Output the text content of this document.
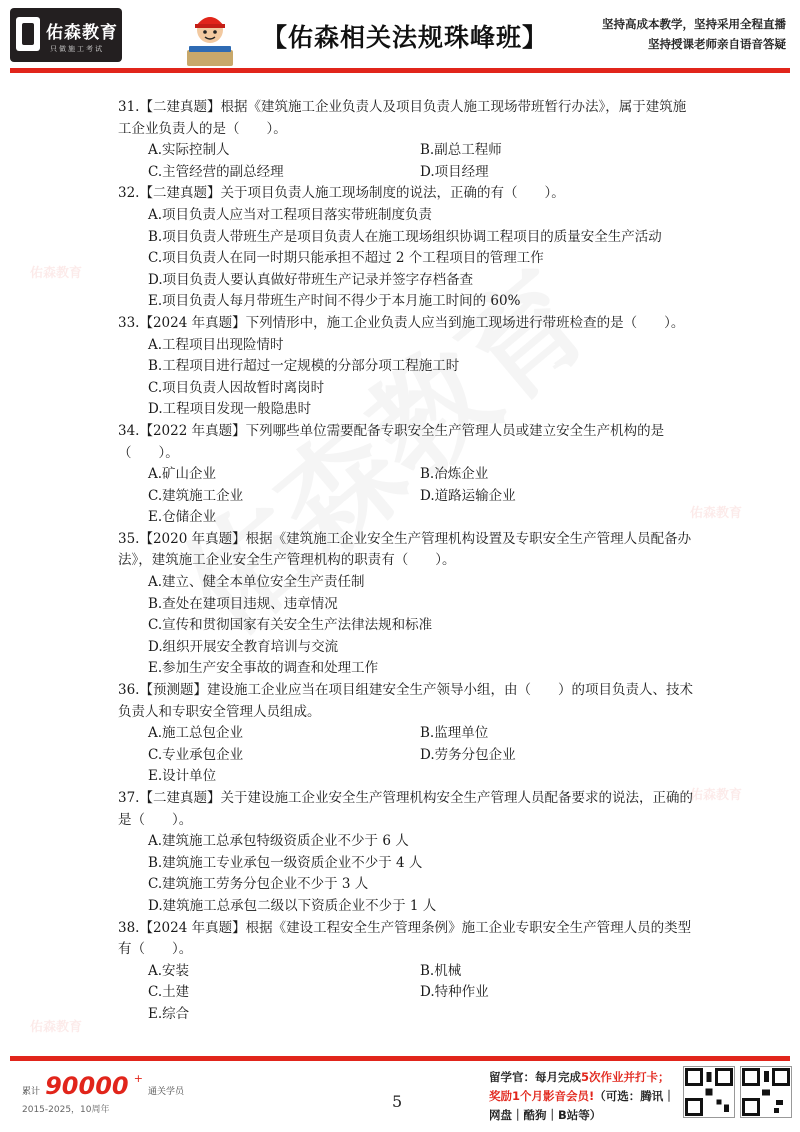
佑森教育
只做施工考试	【佑森相关法规珠峰班】	坚持高成本教学，坚持采用全程直播
坚持授课老师亲自语音答疑
佑森教育
佑森教育
佑森教育
佑森教育
31.【二建真题】根据《建筑施工企业负责人及项目负责人施工现场带班暂行办法》，属于建筑施工企业负责人的是（　　）。
A.实际控制人	B.副总工程师
C.主管经营的副总经理	D.项目经理
32.【二建真题】关于项目负责人施工现场制度的说法，正确的有（　　）。
A.项目负责人应当对工程项目落实带班制度负责
B.项目负责人带班生产是项目负责人在施工现场组织协调工程项目的质量安全生产活动
C.项目负责人在同一时期只能承担不超过 2 个工程项目的管理工作
D.项目负责人要认真做好带班生产记录并签字存档备查
E.项目负责人每月带班生产时间不得少于本月施工时间的 60%
33.【2024 年真题】下列情形中，施工企业负责人应当到施工现场进行带班检查的是（　　）。
A.工程项目出现险情时
B.工程项目进行超过一定规模的分部分项工程施工时
C.项目负责人因故暂时离岗时
D.工程项目发现一般隐患时
34.【2022 年真题】下列哪些单位需要配备专职安全生产管理人员或建立安全生产机构的是（　　）。
A.矿山企业	B.冶炼企业
C.建筑施工企业	D.道路运输企业
E.仓储企业
35.【2020 年真题】根据《建筑施工企业安全生产管理机构设置及专职安全生产管理人员配备办法》，建筑施工企业安全生产管理机构的职责有（　　）。
A.建立、健全本单位安全生产责任制
B.查处在建项目违规、违章情况
C.宣传和贯彻国家有关安全生产法律法规和标准
D.组织开展安全教育培训与交流
E.参加生产安全事故的调查和处理工作
36.【预测题】建设施工企业应当在项目组建安全生产领导小组，由（　　）的项目负责人、技术负责人和专职安全管理人员组成。
A.施工总包企业	B.监理单位
C.专业承包企业	D.劳务分包企业
E.设计单位
37.【二建真题】关于建设施工企业安全生产管理机构安全生产管理人员配备要求的说法，正确的是（　　）。
A.建筑施工总承包特级资质企业不少于 6 人
B.建筑施工专业承包一级资质企业不少于 4 人
C.建筑施工劳务分包企业不少于 3 人
D.建筑施工总承包二级以下资质企业不少于 1 人
38.【2024 年真题】根据《建设工程安全生产管理条例》施工企业专职安全生产管理人员的类型有（　　）。
A.安装	B.机械
C.土建	D.特种作业
E.综合
累计 90000 + 通关学员
2015-2025，10周年	5
留学官：每月完成5次作业并打卡；
奖励1个月影音会员!（可选：腾讯｜
网盘｜酷狗｜B站等）
